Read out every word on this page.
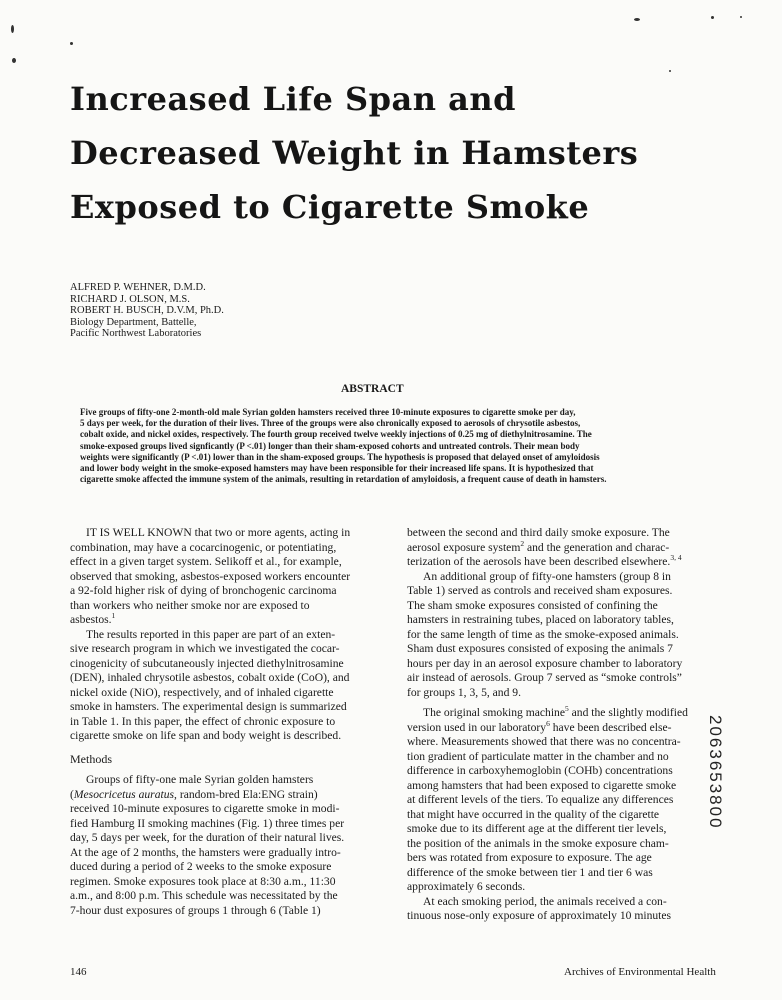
Increased Life Span and
Decreased Weight in Hamsters
Exposed to Cigarette Smoke
ALFRED P. WEHNER, D.M.D.
RICHARD J. OLSON, M.S.
ROBERT H. BUSCH, D.V.M, Ph.D.
Biology Department, Battelle,
Pacific Northwest Laboratories
ABSTRACT
Five groups of fifty-one 2-month-old male Syrian golden hamsters received three 10-minute exposures to cigarette smoke per day,
5 days per week, for the duration of their lives. Three of the groups were also chronically exposed to aerosols of chrysotile asbestos,
cobalt oxide, and nickel oxides, respectively. The fourth group received twelve weekly injections of 0.25 mg of diethylnitrosamine. The
smoke-exposed groups lived signficantly (P <.01) longer than their sham-exposed cohorts and untreated controls. Their mean body
weights were significantly (P <.01) lower than in the sham-exposed groups. The hypothesis is proposed that delayed onset of amyloidosis
and lower body weight in the smoke-exposed hamsters may have been responsible for their increased life spans. It is hypothesized that
cigarette smoke affected the immune system of the animals, resulting in retardation of amyloidosis, a frequent cause of death in hamsters.
IT IS WELL KNOWN that two or more agents, acting in
combination, may have a cocarcinogenic, or potentiating,
effect in a given target system. Selikoff et al., for example,
observed that smoking, asbestos-exposed workers encounter
a 92-fold higher risk of dying of bronchogenic carcinoma
than workers who neither smoke nor are exposed to
asbestos.$^1$
The results reported in this paper are part of an exten-
sive research program in which we investigated the cocar-
cinogenicity of subcutaneously injected diethylnitrosamine
(DEN), inhaled chrysotile asbestos, cobalt oxide (CoO), and
nickel oxide (NiO), respectively, and of inhaled cigarette
smoke in hamsters. The experimental design is summarized
in Table 1. In this paper, the effect of chronic exposure to
cigarette smoke on life span and body weight is described.
Methods
Groups of fifty-one male Syrian golden hamsters
(Mesocricetus auratus, random-bred Ela:ENG strain)
received 10-minute exposures to cigarette smoke in modi-
fied Hamburg II smoking machines (Fig. 1) three times per
day, 5 days per week, for the duration of their natural lives.
At the age of 2 months, the hamsters were gradually intro-
duced during a period of 2 weeks to the smoke exposure
regimen. Smoke exposures took place at 8:30 a.m., 11:30
a.m., and 8:00 p.m. This schedule was necessitated by the
7-hour dust exposures of groups 1 through 6 (Table 1)
between the second and third daily smoke exposure. The
aerosol exposure system$^2$ and the generation and charac-
terization of the aerosols have been described elsewhere.$^{3, 4}$
An additional group of fifty-one hamsters (group 8 in
Table 1) served as controls and received sham exposures.
The sham smoke exposures consisted of confining the
hamsters in restraining tubes, placed on laboratory tables,
for the same length of time as the smoke-exposed animals.
Sham dust exposures consisted of exposing the animals 7
hours per day in an aerosol exposure chamber to laboratory
air instead of aerosols. Group 7 served as “smoke controls”
for groups 1, 3, 5, and 9.
The original smoking machine$^5$ and the slightly modified
version used in our laboratory$^6$ have been described else-
where. Measurements showed that there was no concentra-
tion gradient of particulate matter in the chamber and no
difference in carboxyhemoglobin (COHb) concentrations
among hamsters that had been exposed to cigarette smoke
at different levels of the tiers. To equalize any differences
that might have occurred in the quality of the cigarette
smoke due to its different age at the different tier levels,
the position of the animals in the smoke exposure cham-
bers was rotated from exposure to exposure. The age
difference of the smoke between tier 1 and tier 6 was
approximately 6 seconds.
At each smoking period, the animals received a con-
tinuous nose-only exposure of approximately 10 minutes
146	Archives of Environmental Health
2063653800
